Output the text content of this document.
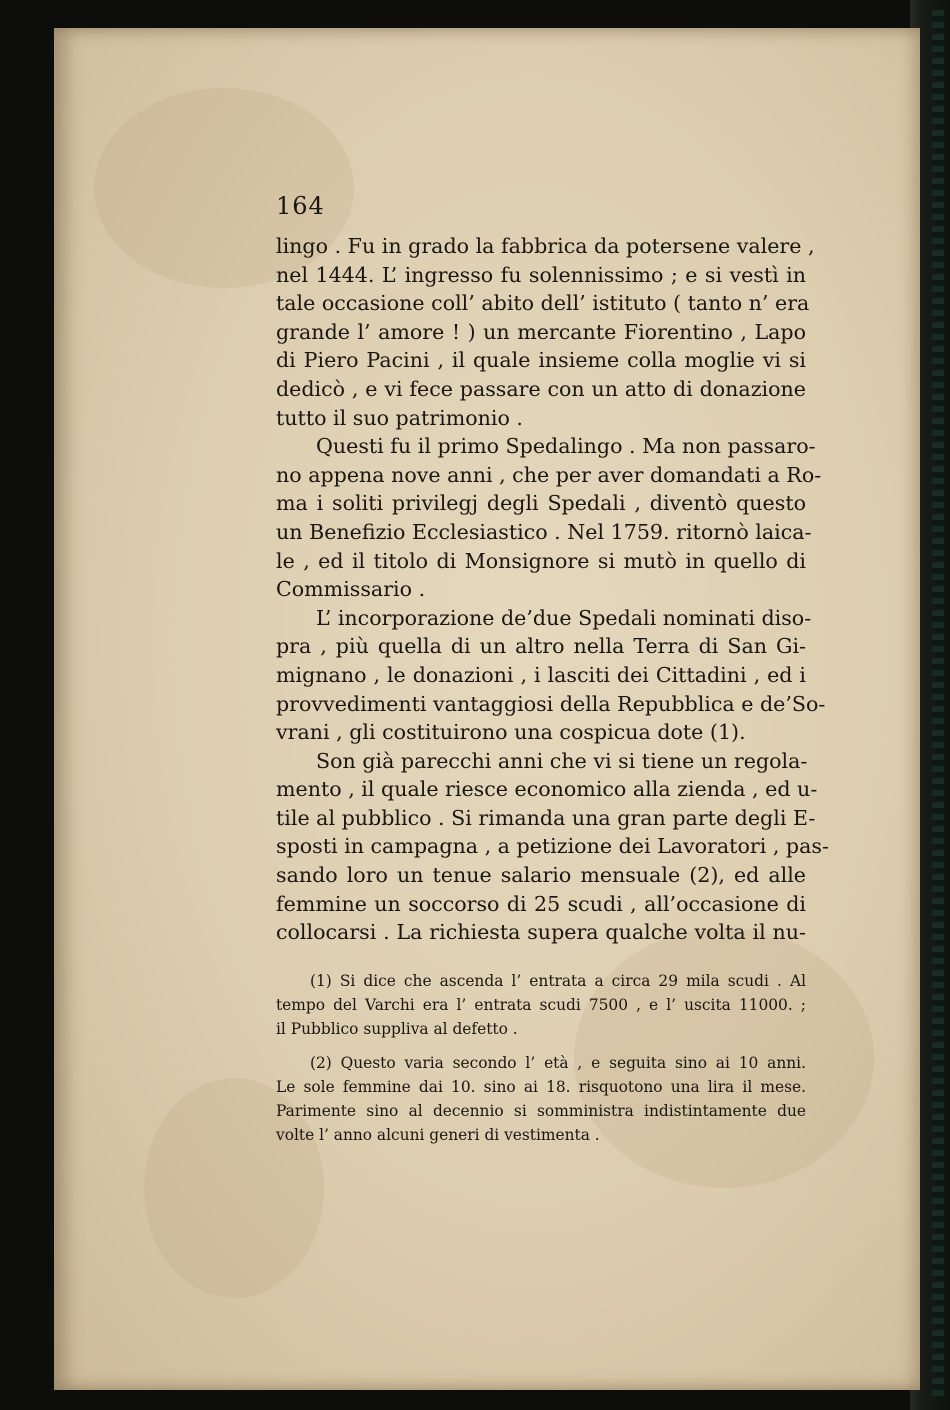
164

lingo . Fu in grado la fabbrica da potersene valere ,

nel 1444. L’ ingresso fu solennissimo ; e si vestì in

tale occasione coll’ abito dell’ istituto ( tanto n’ era

grande l’ amore ! ) un mercante Fiorentino , Lapo

di Piero Pacini , il quale insieme colla moglie vi si

dedicò , e vi fece passare con un atto di donazione

tutto il suo patrimonio .

Questi fu il primo Spedalingo . Ma non passaro-

no appena nove anni , che per aver domandati a Ro-

ma i soliti privilegj degli Spedali , diventò questo

un Benefizio Ecclesiastico . Nel 1759. ritornò laica-

le , ed il titolo di Monsignore si mutò in quello di

Commissario .

L’ incorporazione de’due Spedali nominati diso-

pra , più quella di un altro nella Terra di San Gi-

mignano , le donazioni , i lasciti dei Cittadini , ed i

provvedimenti vantaggiosi della Repubblica e de’So-

vrani , gli costituirono una cospicua dote (1).

Son già parecchi anni che vi si tiene un regola-

mento , il quale riesce economico alla zienda , ed u-

tile al pubblico . Si rimanda una gran parte degli E-

sposti in campagna , a petizione dei Lavoratori , pas-

sando loro un tenue salario mensuale (2), ed alle

femmine un soccorso di 25 scudi , all’occasione di

collocarsi . La richiesta supera qualche volta il nu-

(1) Si dice che ascenda l’ entrata a circa 29 mila scudi . Al

tempo del Varchi era l’ entrata scudi 7500 , e l’ uscita 11000. ;

il Pubblico suppliva al defetto .

(2) Questo varia secondo l’ età , e seguita sino ai 10 anni.

Le sole femmine dai 10. sino ai 18. risquotono una lira il mese.

Parimente sino al decennio si somministra indistintamente due

volte l’ anno alcuni generi di vestimenta .
